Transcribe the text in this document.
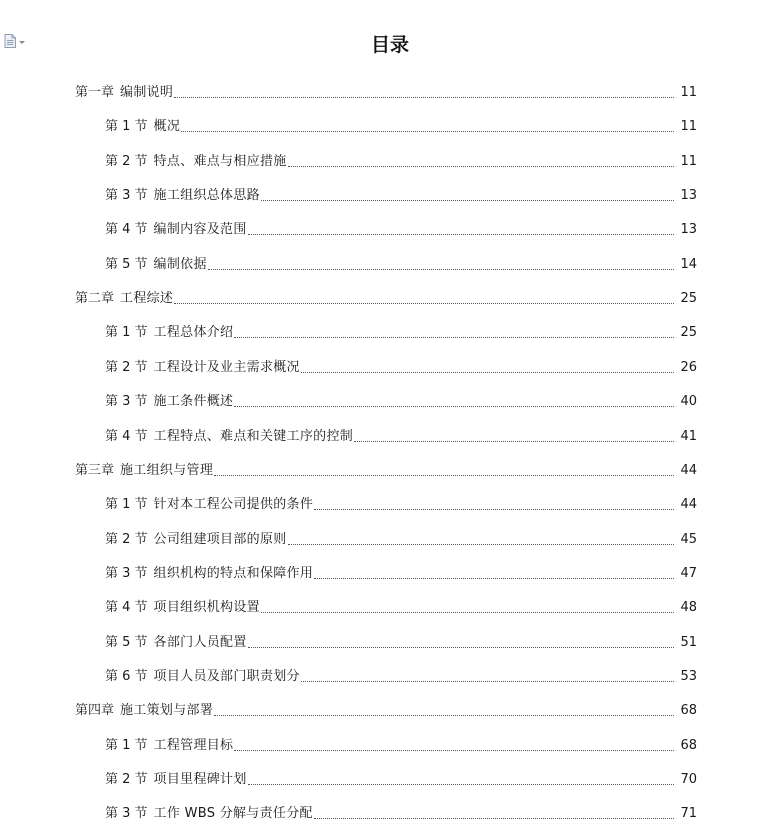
目录
第一章 编制说明	11
第 1 节 概况	11
第 2 节 特点、难点与相应措施	11
第 3 节 施工组织总体思路	13
第 4 节 编制内容及范围	13
第 5 节 编制依据	14
第二章 工程综述	25
第 1 节 工程总体介绍	25
第 2 节 工程设计及业主需求概况	26
第 3 节 施工条件概述	40
第 4 节 工程特点、难点和关键工序的控制	41
第三章 施工组织与管理	44
第 1 节 针对本工程公司提供的条件	44
第 2 节 公司组建项目部的原则	45
第 3 节 组织机构的特点和保障作用	47
第 4 节 项目组织机构设置	48
第 5 节 各部门人员配置	51
第 6 节 项目人员及部门职责划分	53
第四章 施工策划与部署	68
第 1 节 工程管理目标	68
第 2 节 项目里程碑计划	70
第 3 节 工作 WBS 分解与责任分配	71
